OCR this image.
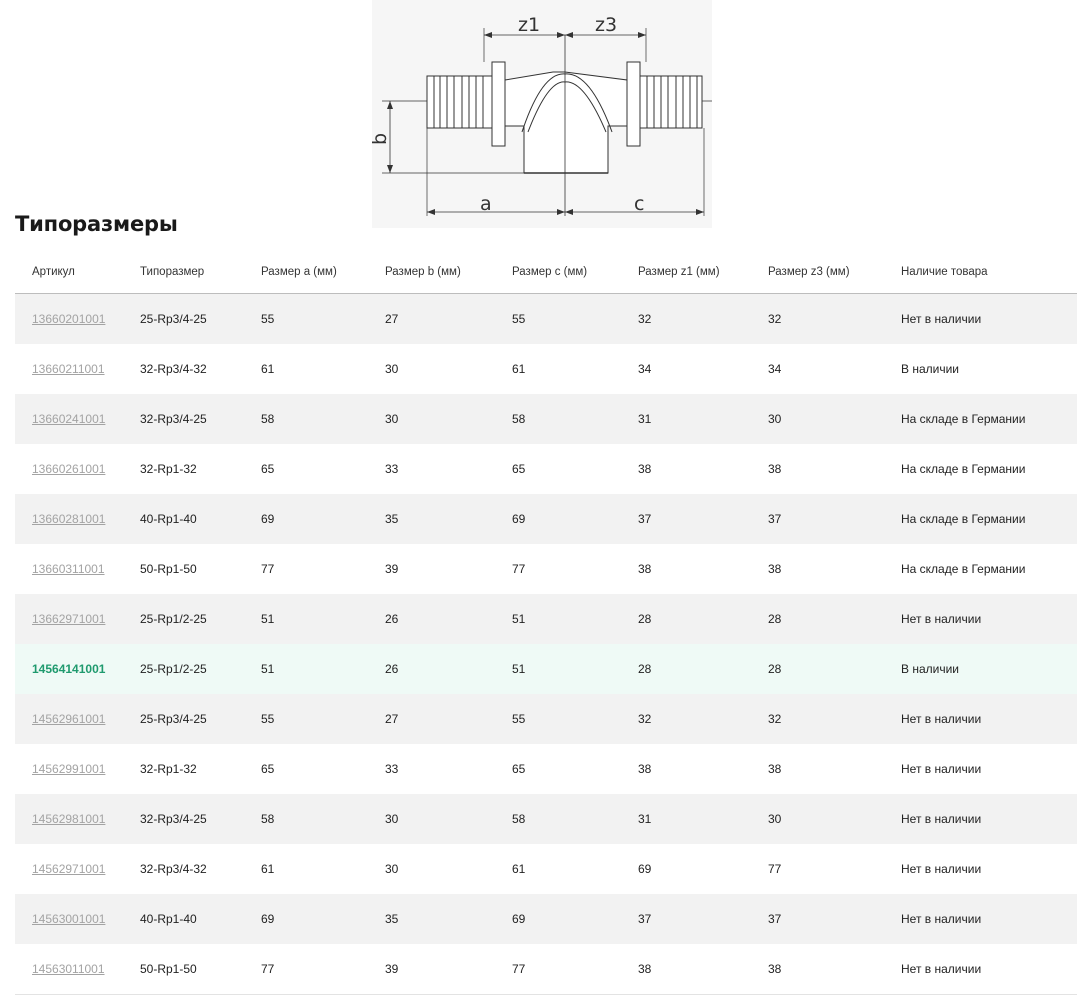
z1	z3
a	c
b
Типоразмеры
Артикул	Типоразмер	Размер a (мм)	Размер b (мм)	Размер c (мм)	Размер z1 (мм)	Размер z3 (мм)	Наличие товара
13660201001	25-Rp3/4-25	55	27	55	32	32	Нет в наличии
13660211001	32-Rp3/4-32	61	30	61	34	34	В наличии
13660241001	32-Rp3/4-25	58	30	58	31	30	На складе в Германии
13660261001	32-Rp1-32	65	33	65	38	38	На складе в Германии
13660281001	40-Rp1-40	69	35	69	37	37	На складе в Германии
13660311001	50-Rp1-50	77	39	77	38	38	На складе в Германии
13662971001	25-Rp1/2-25	51	26	51	28	28	Нет в наличии
14564141001	25-Rp1/2-25	51	26	51	28	28	В наличии
14562961001	25-Rp3/4-25	55	27	55	32	32	Нет в наличии
14562991001	32-Rp1-32	65	33	65	38	38	Нет в наличии
14562981001	32-Rp3/4-25	58	30	58	31	30	Нет в наличии
14562971001	32-Rp3/4-32	61	30	61	69	77	Нет в наличии
14563001001	40-Rp1-40	69	35	69	37	37	Нет в наличии
14563011001	50-Rp1-50	77	39	77	38	38	Нет в наличии
